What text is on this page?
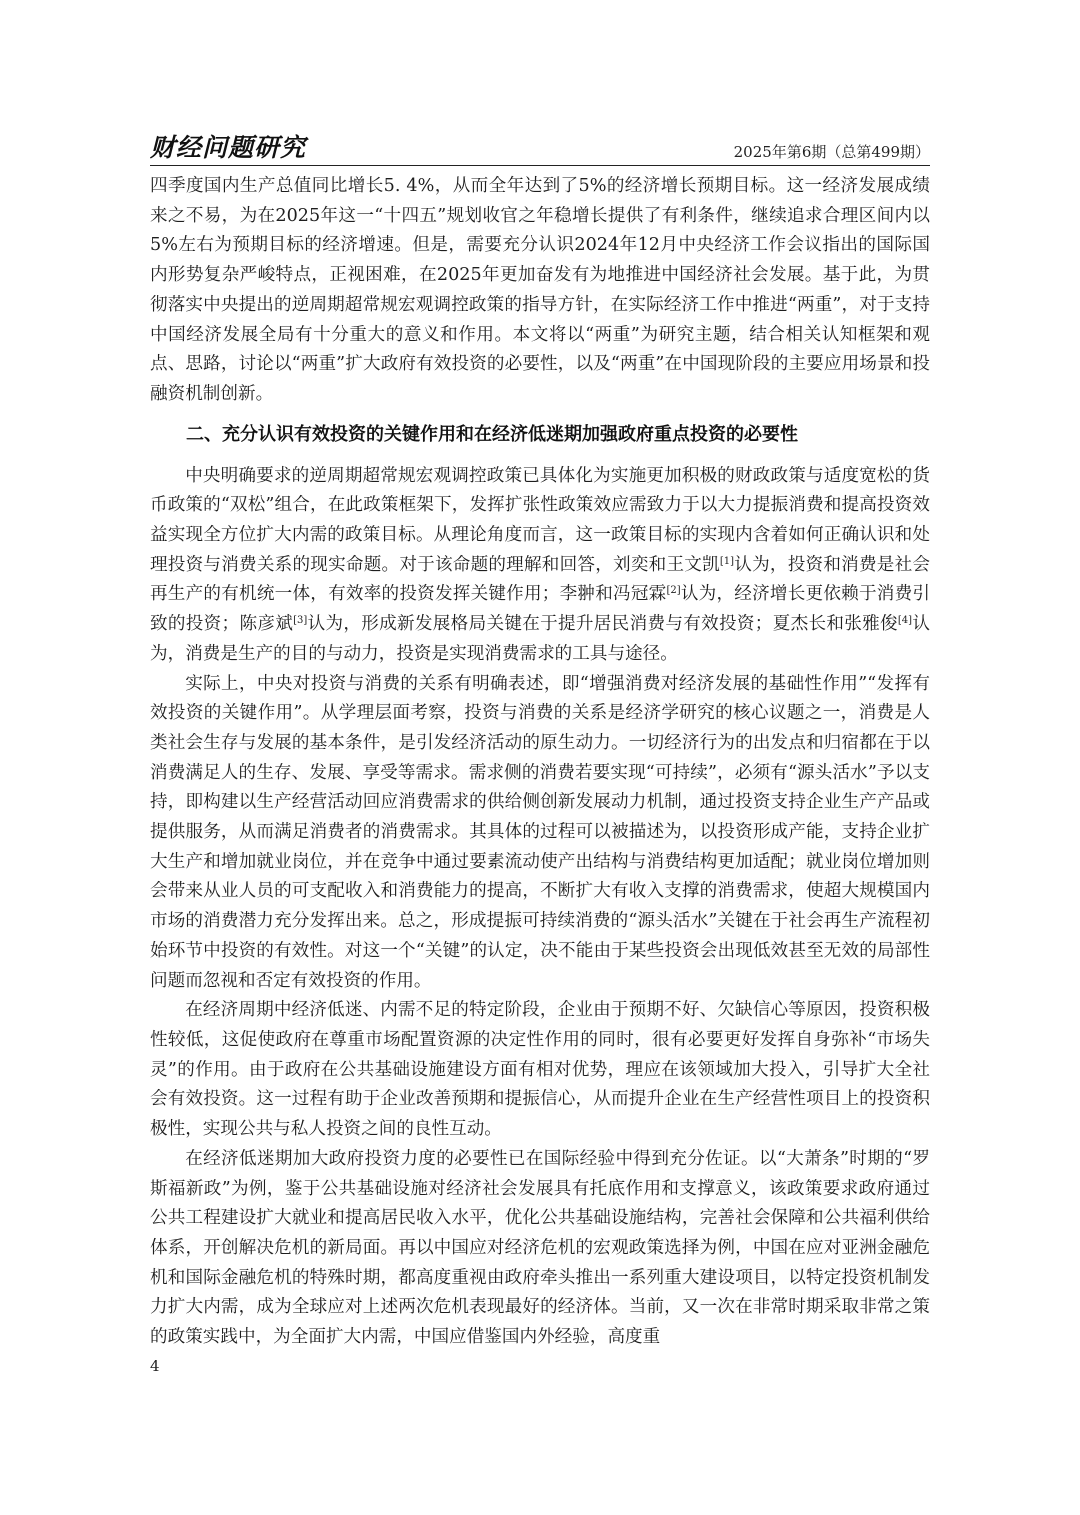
财经问题研究	2025年第6期（总第499期）

四季度国内生产总值同比增长5. 4%，从而全年达到了5%的经济增长预期目标。这一经济发展成绩来之不易，为在2025年这一“十四五”规划收官之年稳增长提供了有利条件，继续追求合理区间内以5%左右为预期目标的经济增速。但是，需要充分认识2024年12月中央经济工作会议指出的国际国内形势复杂严峻特点，正视困难，在2025年更加奋发有为地推进中国经济社会发展。基于此，为贯彻落实中央提出的逆周期超常规宏观调控政策的指导方针，在实际经济工作中推进“两重”，对于支持中国经济发展全局有十分重大的意义和作用。本文将以“两重”为研究主题，结合相关认知框架和观点、思路，讨论以“两重”扩大政府有效投资的必要性，以及“两重”在中国现阶段的主要应用场景和投融资机制创新。

二、充分认识有效投资的关键作用和在经济低迷期加强政府重点投资的必要性

中央明确要求的逆周期超常规宏观调控政策已具体化为实施更加积极的财政政策与适度宽松的货币政策的“双松”组合，在此政策框架下，发挥扩张性政策效应需致力于以大力提振消费和提高投资效益实现全方位扩大内需的政策目标。从理论角度而言，这一政策目标的实现内含着如何正确认识和处理投资与消费关系的现实命题。对于该命题的理解和回答，刘奕和王文凯[1]认为，投资和消费是社会再生产的有机统一体，有效率的投资发挥关键作用；李翀和冯冠霖[2]认为，经济增长更依赖于消费引致的投资；陈彦斌[3]认为，形成新发展格局关键在于提升居民消费与有效投资；夏杰长和张雅俊[4]认为，消费是生产的目的与动力，投资是实现消费需求的工具与途径。

实际上，中央对投资与消费的关系有明确表述，即“增强消费对经济发展的基础性作用”“发挥有效投资的关键作用”。从学理层面考察，投资与消费的关系是经济学研究的核心议题之一，消费是人类社会生存与发展的基本条件，是引发经济活动的原生动力。一切经济行为的出发点和归宿都在于以消费满足人的生存、发展、享受等需求。需求侧的消费若要实现“可持续”，必须有“源头活水”予以支持，即构建以生产经营活动回应消费需求的供给侧创新发展动力机制，通过投资支持企业生产产品或提供服务，从而满足消费者的消费需求。其具体的过程可以被描述为，以投资形成产能，支持企业扩大生产和增加就业岗位，并在竞争中通过要素流动使产出结构与消费结构更加适配；就业岗位增加则会带来从业人员的可支配收入和消费能力的提高，不断扩大有收入支撑的消费需求，使超大规模国内市场的消费潜力充分发挥出来。总之，形成提振可持续消费的“源头活水”关键在于社会再生产流程初始环节中投资的有效性。对这一个“关键”的认定，决不能由于某些投资会出现低效甚至无效的局部性问题而忽视和否定有效投资的作用。

在经济周期中经济低迷、内需不足的特定阶段，企业由于预期不好、欠缺信心等原因，投资积极性较低，这促使政府在尊重市场配置资源的决定性作用的同时，很有必要更好发挥自身弥补“市场失灵”的作用。由于政府在公共基础设施建设方面有相对优势，理应在该领域加大投入，引导扩大全社会有效投资。这一过程有助于企业改善预期和提振信心，从而提升企业在生产经营性项目上的投资积极性，实现公共与私人投资之间的良性互动。

在经济低迷期加大政府投资力度的必要性已在国际经验中得到充分佐证。以“大萧条”时期的“罗斯福新政”为例，鉴于公共基础设施对经济社会发展具有托底作用和支撑意义，该政策要求政府通过公共工程建设扩大就业和提高居民收入水平，优化公共基础设施结构，完善社会保障和公共福利供给体系，开创解决危机的新局面。再以中国应对经济危机的宏观政策选择为例，中国在应对亚洲金融危机和国际金融危机的特殊时期，都高度重视由政府牵头推出一系列重大建设项目，以特定投资机制发力扩大内需，成为全球应对上述两次危机表现最好的经济体。当前，又一次在非常时期采取非常之策的政策实践中，为全面扩大内需，中国应借鉴国内外经验，高度重

4
